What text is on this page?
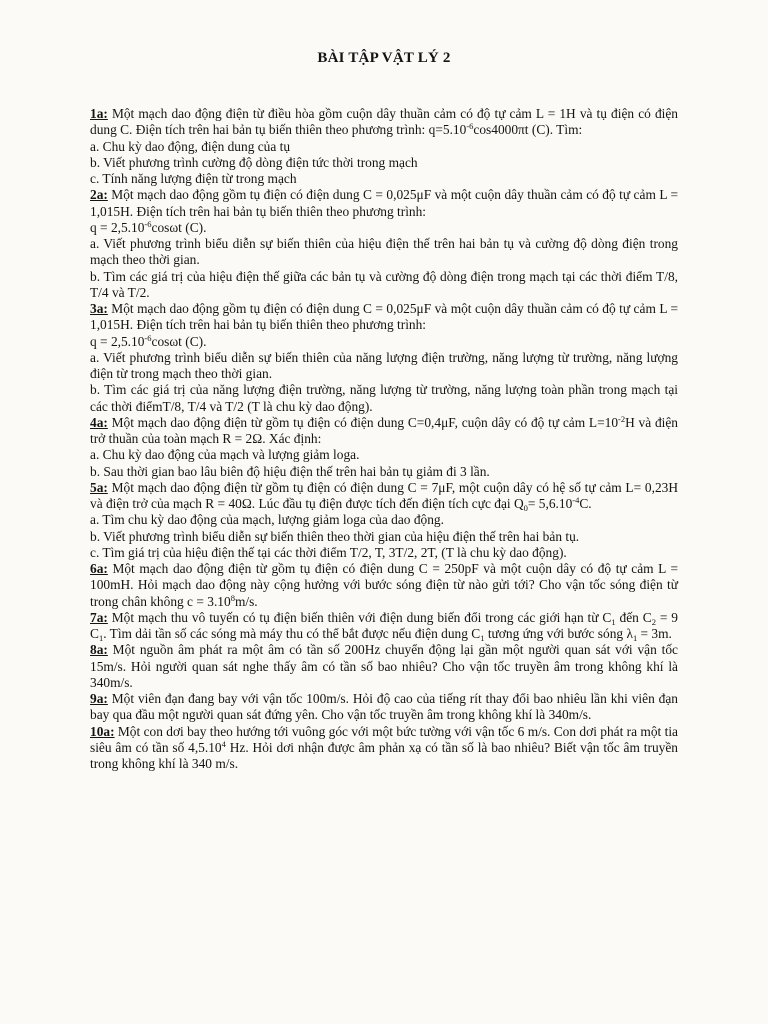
BÀI TẬP VẬT LÝ 2

1a: Một mạch dao động điện từ điều hòa gồm cuộn dây thuần cảm có độ tự cảm L = 1H và tụ điện có điện dung C. Điện tích trên hai bản tụ biến thiên theo phương trình: $q=5.10^{-6}\cos 4000\pi t$ (C). Tìm:

a. Chu kỳ dao động, điện dung của tụ

b. Viết phương trình cường độ dòng điện tức thời trong mạch

c. Tính năng lượng điện từ trong mạch

2a: Một mạch dao động gồm tụ điện có điện dung C = 0,025μF và một cuộn dây thuần cảm có độ tự cảm L = 1,015H. Điện tích trên hai bản tụ biến thiên theo phương trình:

$q = 2,5.10^{-6}\cos\omega t$ (C).

a. Viết phương trình biểu diễn sự biến thiên của hiệu điện thế trên hai bản tụ và cường độ dòng điện trong mạch theo thời gian.

b. Tìm các giá trị của hiệu điện thế giữa các bản tụ và cường độ dòng điện trong mạch tại các thời điểm T/8, T/4 và T/2.

3a: Một mạch dao động gồm tụ điện có điện dung C = 0,025μF và một cuộn dây thuần cảm có độ tự cảm L = 1,015H. Điện tích trên hai bản tụ biến thiên theo phương trình:

$q = 2,5.10^{-6}\cos\omega t$ (C).

a. Viết phương trình biểu diễn sự biến thiên của năng lượng điện trường, năng lượng từ trường, năng lượng điện từ trong mạch theo thời gian.

b. Tìm các giá trị của năng lượng điện trường, năng lượng từ trường, năng lượng toàn phần trong mạch tại các thời điểmT/8, T/4 và T/2 (T là chu kỳ dao động).

4a: Một mạch dao động điện từ gồm tụ điện có điện dung C=0,4μF, cuộn dây có độ tự cảm $L=10^{-2}H$ và điện trở thuần của toàn mạch R = 2Ω. Xác định:

a. Chu kỳ dao động của mạch và lượng giảm loga.

b. Sau thời gian bao lâu biên độ hiệu điện thế trên hai bản tụ giảm đi 3 lần.

5a: Một mạch dao động điện từ gồm tụ điện có điện dung C = 7μF, một cuộn dây có hệ số tự cảm L= 0,23H và điện trở của mạch R = 40Ω. Lúc đầu tụ điện được tích đến điện tích cực đại $Q_0= 5,6.10^{-4}C$.

a. Tìm chu kỳ dao động của mạch, lượng giảm loga của dao động.

b. Viết phương trình biểu diễn sự biến thiên theo thời gian của hiệu điện thế trên hai bản tụ.

c. Tìm giá trị của hiệu điện thế tại các thời điểm T/2, T, 3T/2, 2T, (T là chu kỳ dao động).

6a: Một mạch dao động điện từ gồm tụ điện có điện dung C = 250pF và một cuộn dây có độ tự cảm L = 100mH. Hỏi mạch dao động này cộng hưởng với bước sóng điện từ nào gửi tới? Cho vận tốc sóng điện từ trong chân không $c = 3.10^8m/s$.

7a: Một mạch thu vô tuyến có tụ điện biến thiên với điện dung biến đổi trong các giới hạn từ $C_1$ đến $C_2 = 9$ $C_1$. Tìm dải tần số các sóng mà máy thu có thể bắt được nếu điện dung $C_1$ tương ứng với bước sóng $\lambda_1 = 3m$.

8a: Một nguồn âm phát ra một âm có tần số 200Hz chuyển động lại gần một người quan sát với vận tốc 15m/s. Hỏi người quan sát nghe thấy âm có tần số bao nhiêu? Cho vận tốc truyền âm trong không khí là 340m/s.

9a: Một viên đạn đang bay với vận tốc 100m/s. Hỏi độ cao của tiếng rít thay đổi bao nhiêu lần khi viên đạn bay qua đầu một người quan sát đứng yên. Cho vận tốc truyền âm trong không khí là 340m/s.

10a: Một con dơi bay theo hướng tới vuông góc với một bức tường với vận tốc 6 m/s. Con dơi phát ra một tia siêu âm có tần số 4,5.10$^4$ Hz. Hỏi dơi nhận được âm phản xạ có tần số là bao nhiêu? Biết vận tốc âm truyền trong không khí là 340 m/s.
